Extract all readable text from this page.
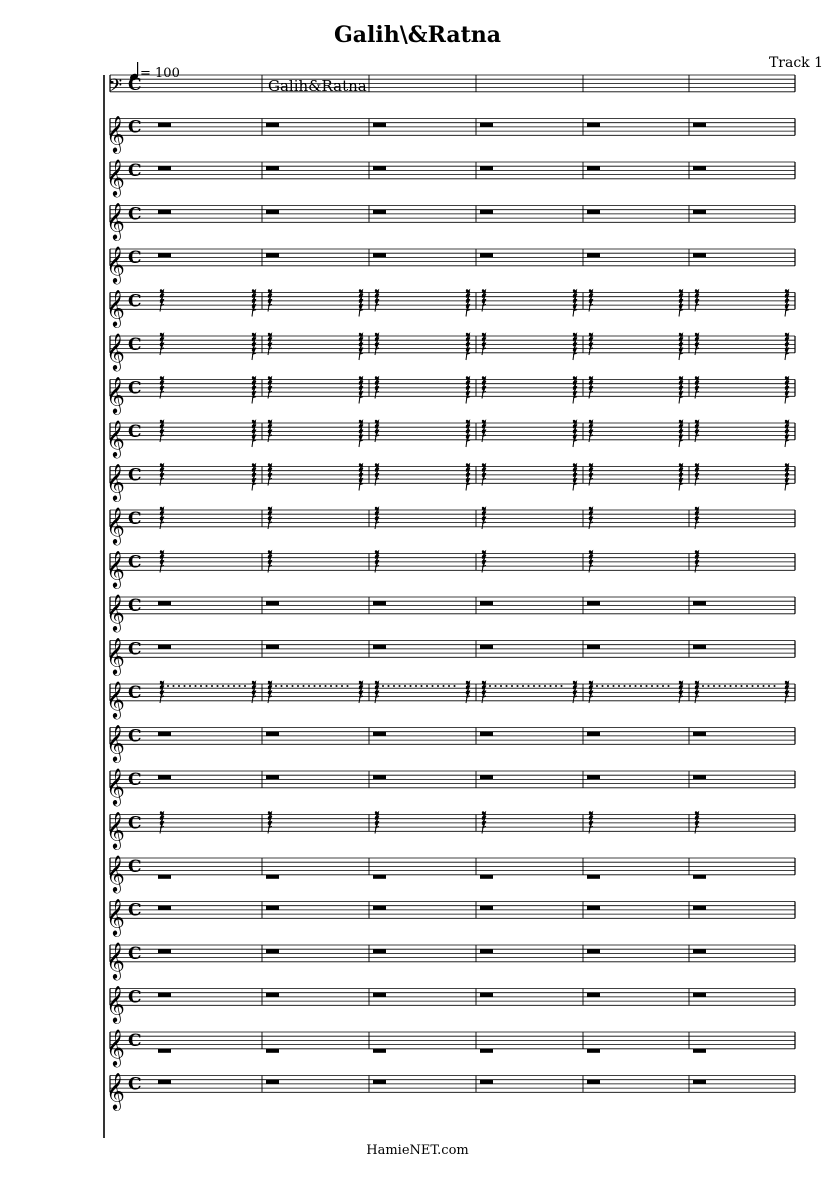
Galih\&Ratna
Track 1
Galih&Ratna
= 100
𝄢 C
𝄞 C
𝄞 C
𝄞 C
𝄞 C
𝄞 C
𝄞 C
𝄞 C
𝄞 C
𝄞 C
𝄞 C
𝄞 C
𝄞 C
𝄞 C
𝄞 C
𝄞 C
𝄞 C
𝄞 C
𝄞 C
𝄞 C
𝄞 C
𝄞 C
𝄞 C
𝄞 C
HamieNET.com
